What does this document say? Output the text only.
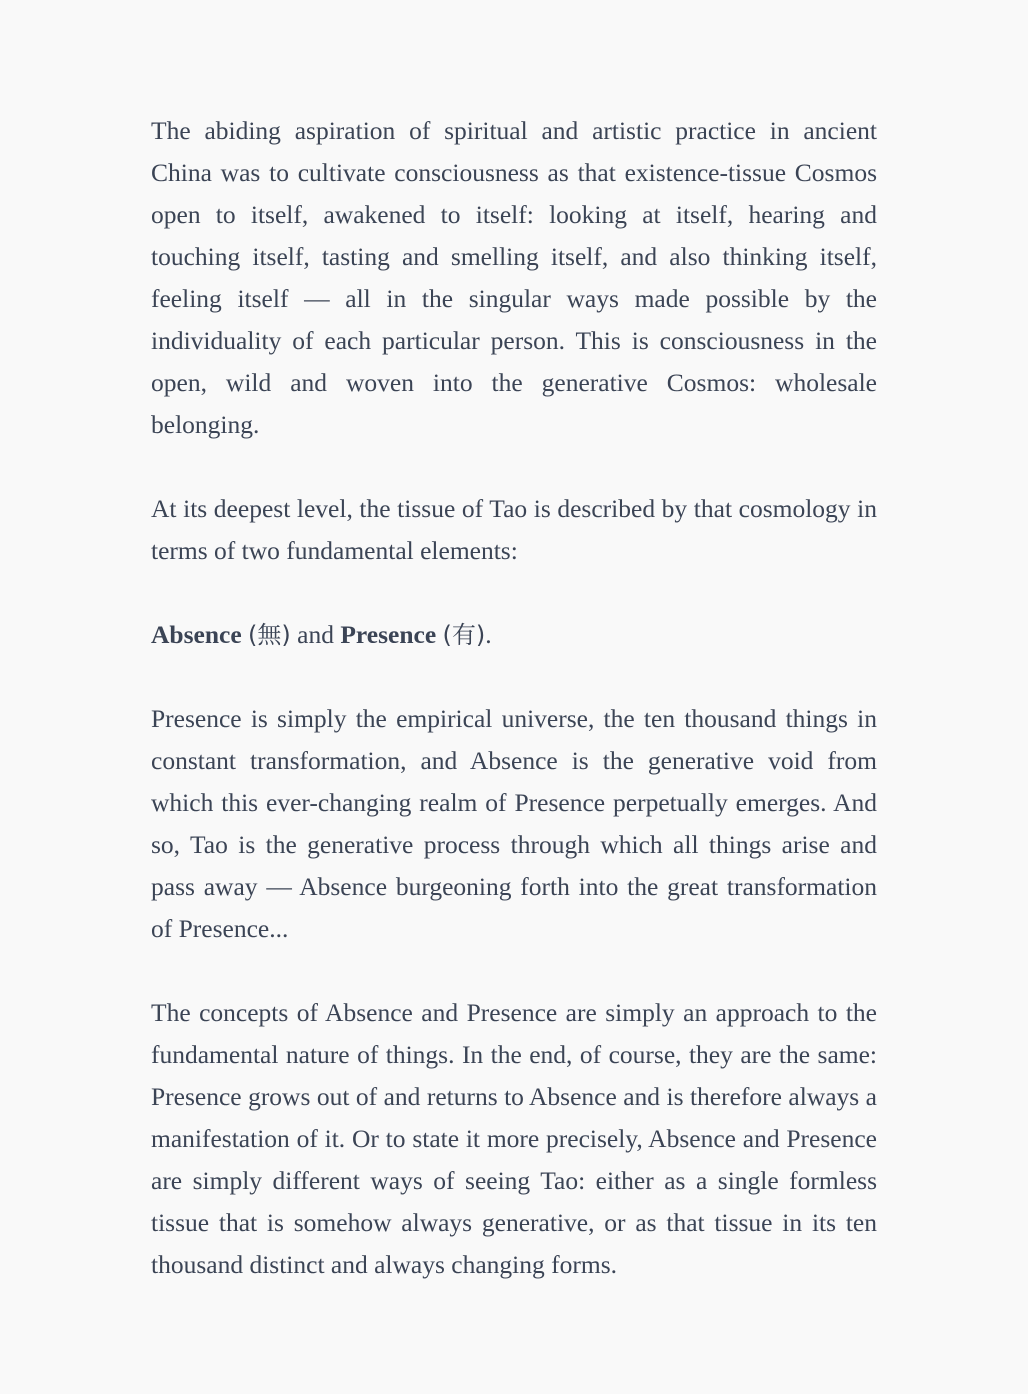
The abiding aspiration of spiritual and artistic practice in ancient China was to cultivate consciousness as that existence-tissue Cosmos open to itself, awakened to itself: looking at itself, hearing and touching itself, tasting and smelling itself, and also thinking itself, feeling itself — all in the singular ways made possible by the individuality of each particular person. This is consciousness in the open, wild and woven into the generative Cosmos: wholesale belonging.

At its deepest level, the tissue of Tao is described by that cosmology in terms of two fundamental elements:

Absence (無) and Presence (有).

Presence is simply the empirical universe, the ten thousand things in constant transformation, and Absence is the generative void from which this ever-changing realm of Presence perpetually emerges. And so, Tao is the generative process through which all things arise and pass away — Absence burgeoning forth into the great transformation of Presence...

The concepts of Absence and Presence are simply an approach to the fundamental nature of things. In the end, of course, they are the same: Presence grows out of and returns to Absence and is therefore always a manifestation of it. Or to state it more precisely, Absence and Presence are simply different ways of seeing Tao: either as a single formless tissue that is somehow always generative, or as that tissue in its ten thousand distinct and always changing forms.
